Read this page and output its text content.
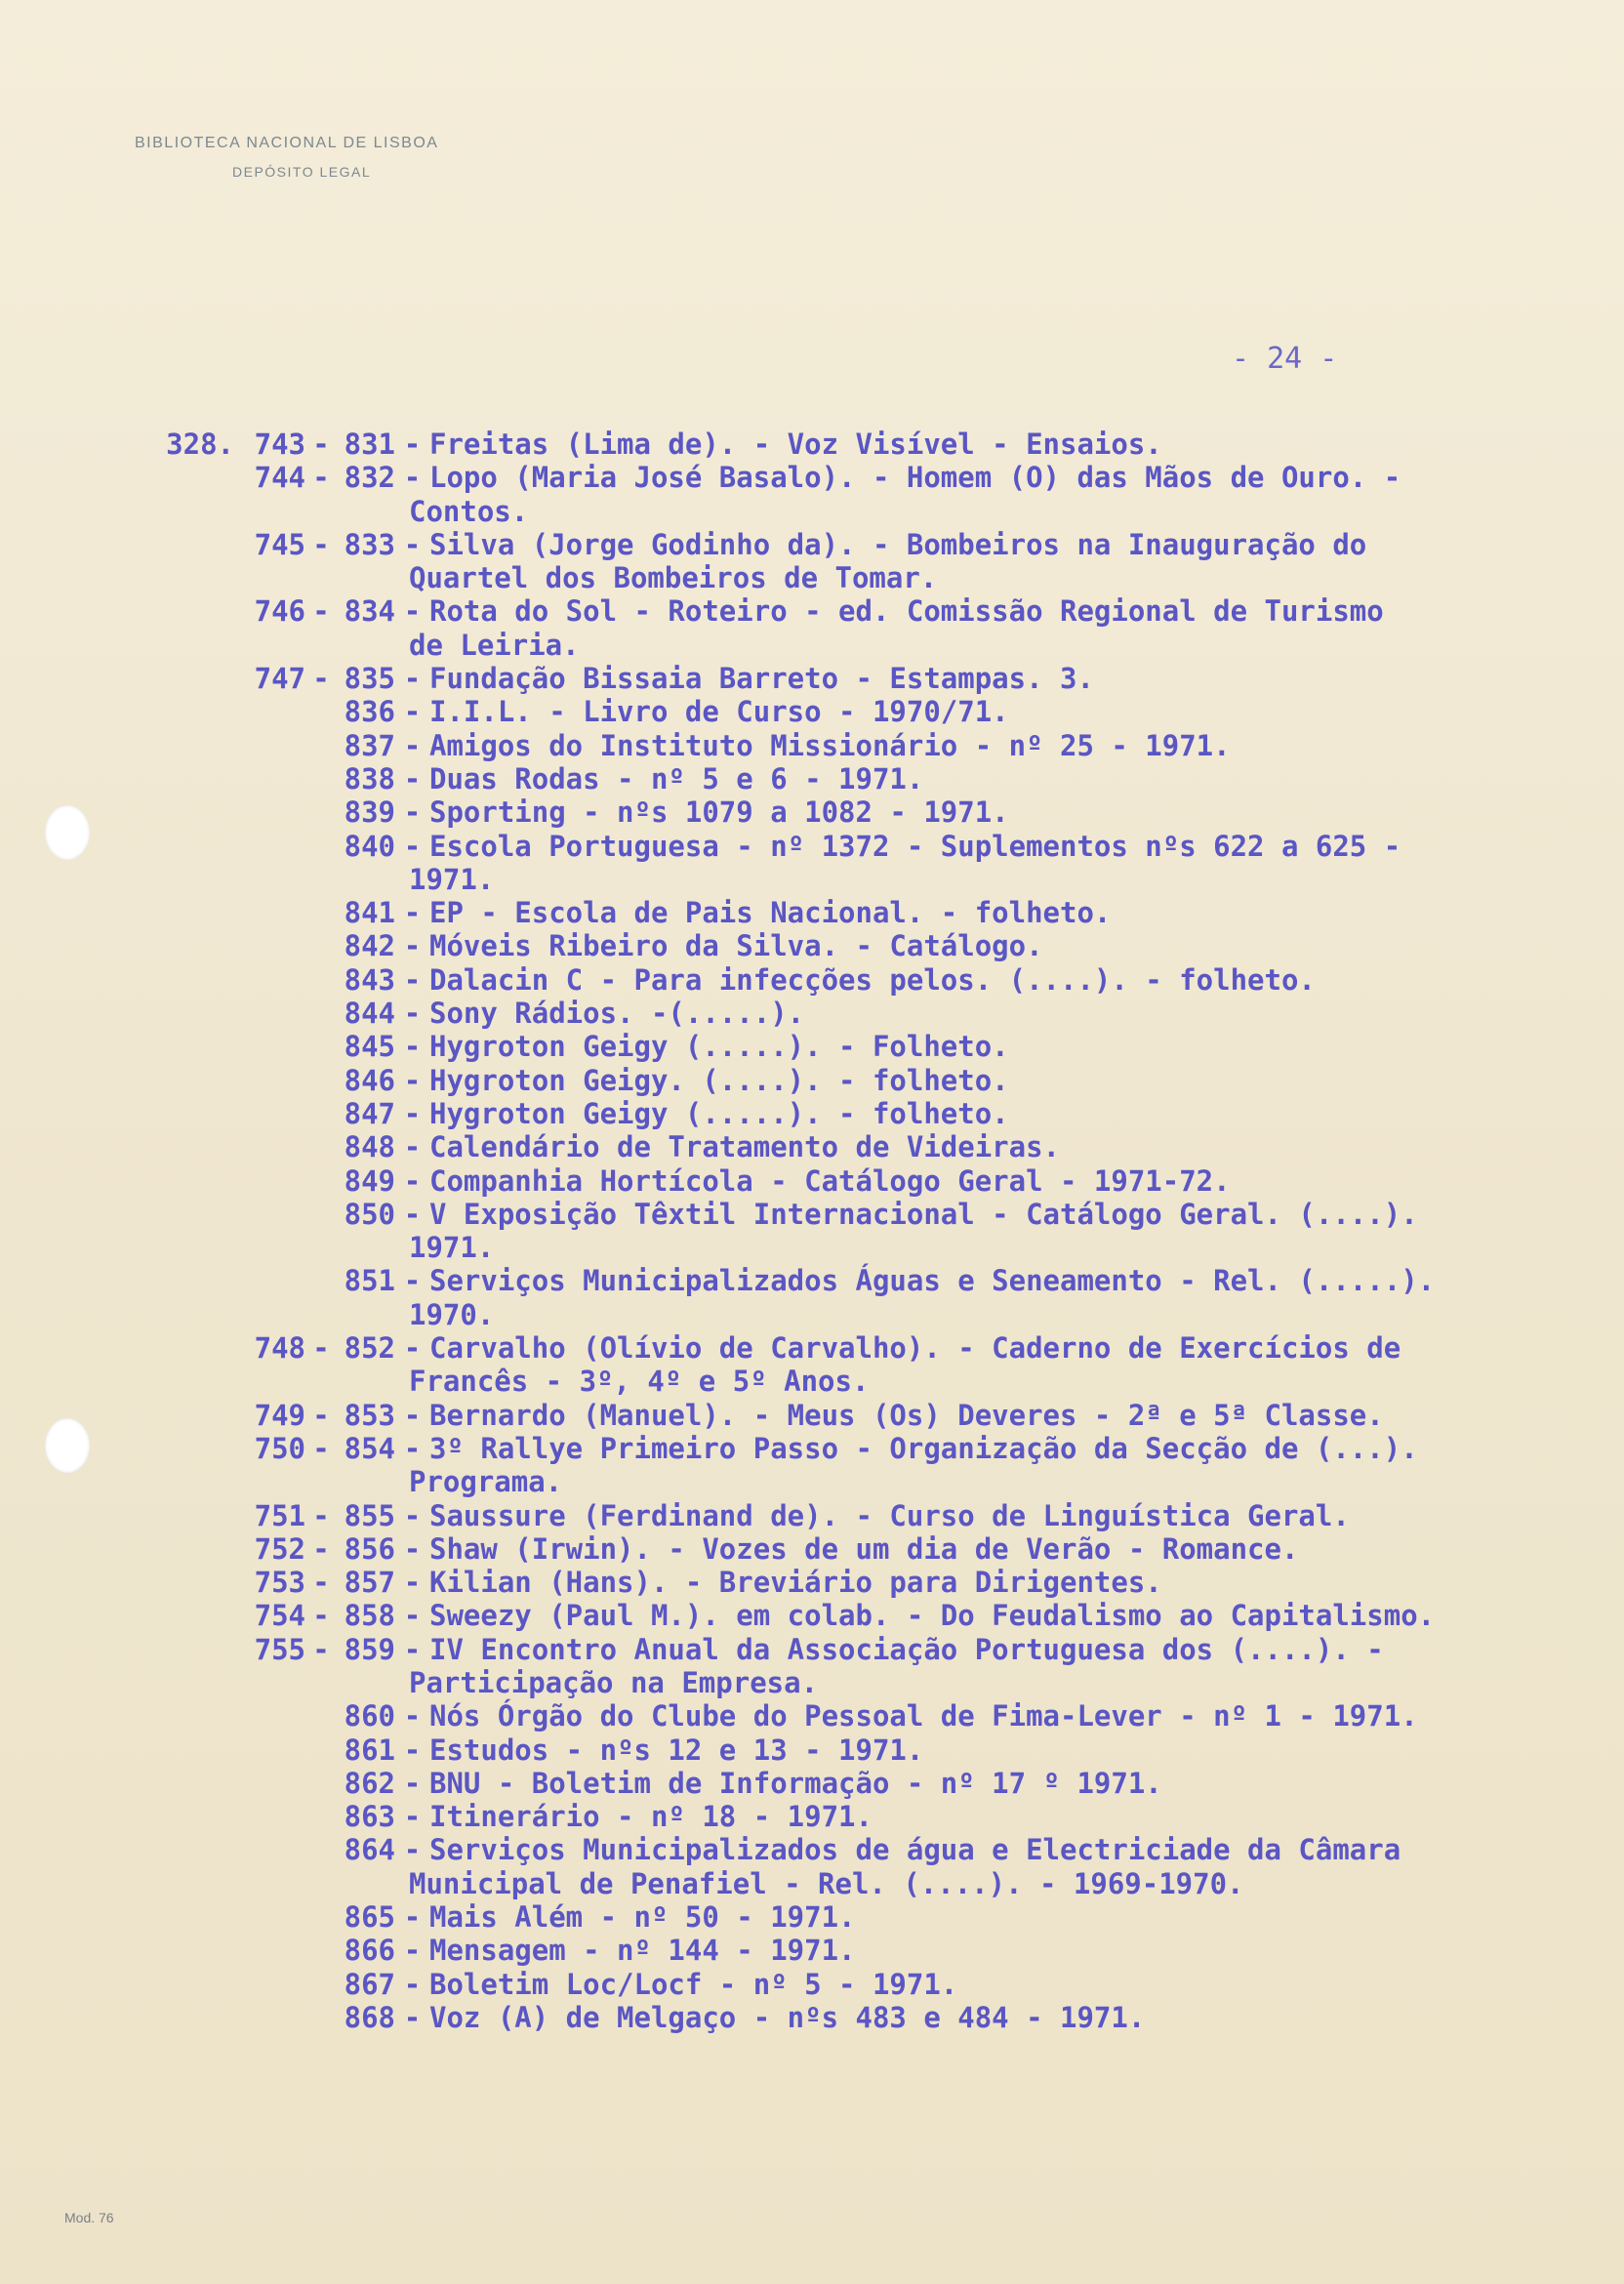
BIBLIOTECA NACIONAL DE LISBOA
DEPÓSITO LEGAL
- 24 -
328. 743 - 831 - Freitas (Lima de). - Voz Visível - Ensaios.
744 - 832 - Lopo (Maria José Basalo). - Homem (O) das Mãos de Ouro. -
Contos.
745 - 833 - Silva (Jorge Godinho da). - Bombeiros na Inauguração do
Quartel dos Bombeiros de Tomar.
746 - 834 - Rota do Sol - Roteiro - ed. Comissão Regional de Turismo
de Leiria.
747 - 835 - Fundação Bissaia Barreto - Estampas. 3.
836 - I.I.L. - Livro de Curso - 1970/71.
837 - Amigos do Instituto Missionário - nº 25 - 1971.
838 - Duas Rodas - nº 5 e 6 - 1971.
839 - Sporting - nºs 1079 a 1082 - 1971.
840 - Escola Portuguesa - nº 1372 - Suplementos nºs 622 a 625 -
1971.
841 - EP - Escola de Pais Nacional. - folheto.
842 - Móveis Ribeiro da Silva. - Catálogo.
843 - Dalacin C - Para infecções pelos. (....). - folheto.
844 - Sony Rádios. -(.....).
845 - Hygroton Geigy (.....). - Folheto.
846 - Hygroton Geigy. (....). - folheto.
847 - Hygroton Geigy (.....). - folheto.
848 - Calendário de Tratamento de Videiras.
849 - Companhia Hortícola - Catálogo Geral - 1971-72.
850 - V Exposição Têxtil Internacional - Catálogo Geral. (....).
1971.
851 - Serviços Municipalizados Águas e Seneamento - Rel. (.....).
1970.
748 - 852 - Carvalho (Olívio de Carvalho). - Caderno de Exercícios de
Francês - 3º, 4º e 5º Anos.
749 - 853 - Bernardo (Manuel). - Meus (Os) Deveres - 2ª e 5ª Classe.
750 - 854 - 3º Rallye Primeiro Passo - Organização da Secção de (...).
Programa.
751 - 855 - Saussure (Ferdinand de). - Curso de Linguística Geral.
752 - 856 - Shaw (Irwin). - Vozes de um dia de Verão - Romance.
753 - 857 - Kilian (Hans). - Breviário para Dirigentes.
754 - 858 - Sweezy (Paul M.). em colab. - Do Feudalismo ao Capitalismo.
755 - 859 - IV Encontro Anual da Associação Portuguesa dos (....). -
Participação na Empresa.
860 - Nós Órgão do Clube do Pessoal de Fima-Lever - nº 1 - 1971.
861 - Estudos - nºs 12 e 13 - 1971.
862 - BNU - Boletim de Informação - nº 17 º 1971.
863 - Itinerário - nº 18 - 1971.
864 - Serviços Municipalizados de água e Electriciade da Câmara
Municipal de Penafiel - Rel. (....). - 1969-1970.
865 - Mais Além - nº 50 - 1971.
866 - Mensagem - nº 144 - 1971.
867 - Boletim Loc/Locf - nº 5 - 1971.
868 - Voz (A) de Melgaço - nºs 483 e 484 - 1971.
Mod. 76
